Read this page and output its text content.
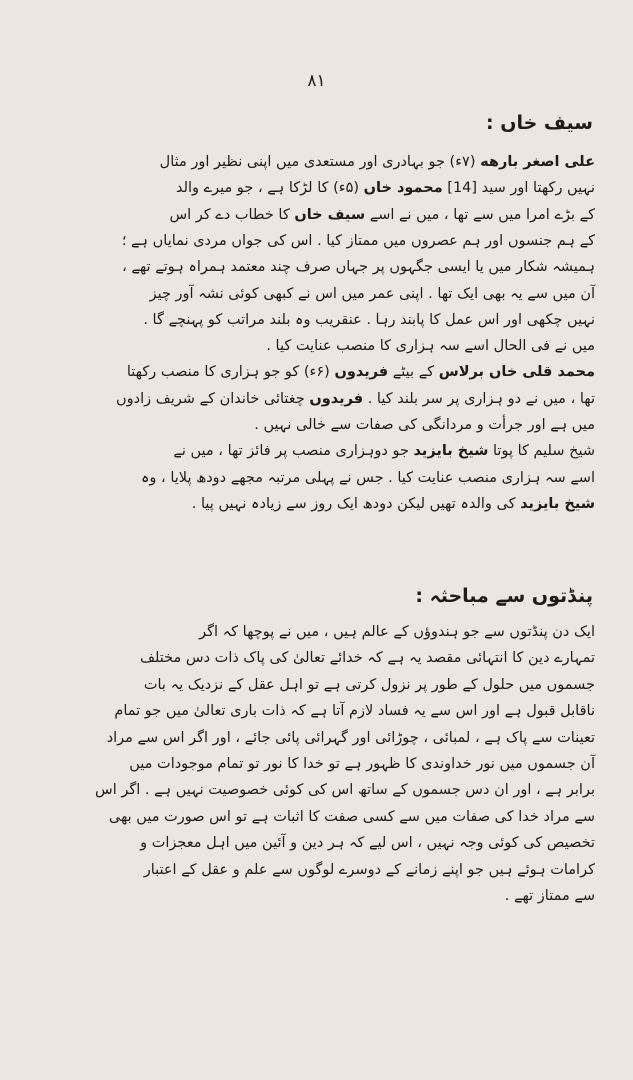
٨١
سیف خاں :
علی اصغر بارهه (۷ء) جو بہادری اور مستعدی میں اپنی نظیر اور مثال
نہیں رکھتا اور سید [14] محمود خاں (۵ء) کا لڑکا ہے ، جو میرے والد
کے بڑے امرا میں سے تھا ، میں نے اسے سیف خاں کا خطاب دے کر اس
کے ہم جنسوں اور ہم عصروں میں ممتاز کیا . اس کی جواں مردی نمایاں ہے ؛
ہمیشہ شکار میں یا ایسی جگہوں پر جہاں صرف چند معتمد ہمراہ ہوتے تھے ،
آن میں سے یہ بھی ایک تھا . اپنی عمر میں اس نے کبھی کوئی نشہ آور چیز
نہیں چکھی اور اس عمل کا پابند رہا . عنقریب وہ بلند مراتب کو پہنچے گا .
میں نے فی الحال اسے سہ ہزاری کا منصب عنایت کیا .
محمد قلی خاں برلاس کے بیٹے فریدوں (۶ء) کو جو ہزاری کا منصب رکھتا
تھا ، میں نے دو ہزاری پر سر بلند کیا . فریدوں چغتائی خاندان کے شریف زادوں
میں ہے اور جرأت و مردانگی کی صفات سے خالی نہیں .
شیخ سلیم کا پوتا شیخ بایزید جو دوہزاری منصب پر فائز تھا ، میں نے
اسے سہ ہزاری منصب عنایت کیا . جس نے پہلی مرتبہ مجھے دودھ پلایا ، وہ
شیخ بایزید کی والدہ تھیں لیکن دودھ ایک روز سے زیادہ نہیں پیا .
پنڈتوں سے مباحثہ :
ایک دن پنڈتوں سے جو ہندوؤں کے عالم ہیں ، میں نے پوچھا کہ اگر
تمہارے دین کا انتہائی مقصد یہ ہے کہ خدائے تعالیٰ کی پاک ذات دس مختلف
جسموں میں حلول کے طور پر نزول کرتی ہے تو اہل عقل کے نزدیک یہ بات
ناقابل قبول ہے اور اس سے یہ فساد لازم آتا ہے کہ ذات باری تعالیٰ میں جو تمام
تعینات سے پاک ہے ، لمبائی ، چوڑائی اور گہرائی پائی جائے ، اور اگر اس سے مراد
آن جسموں میں نور خداوندی کا ظہور ہے تو خدا کا نور تو تمام موجودات میں
برابر ہے ، اور ان دس جسموں کے ساتھ اس کی کوئی خصوصیت نہیں ہے . اگر اس
سے مراد خدا کی صفات میں سے کسی صفت کا اثبات ہے تو اس صورت میں بھی
تخصیص کی کوئی وجہ نہیں ، اس لیے کہ ہر دین و آئین میں اہل معجزات و
کرامات ہوئے ہیں جو اپنے زمانے کے دوسرے لوگوں سے علم و عقل کے اعتبار
سے ممتاز تھے .
